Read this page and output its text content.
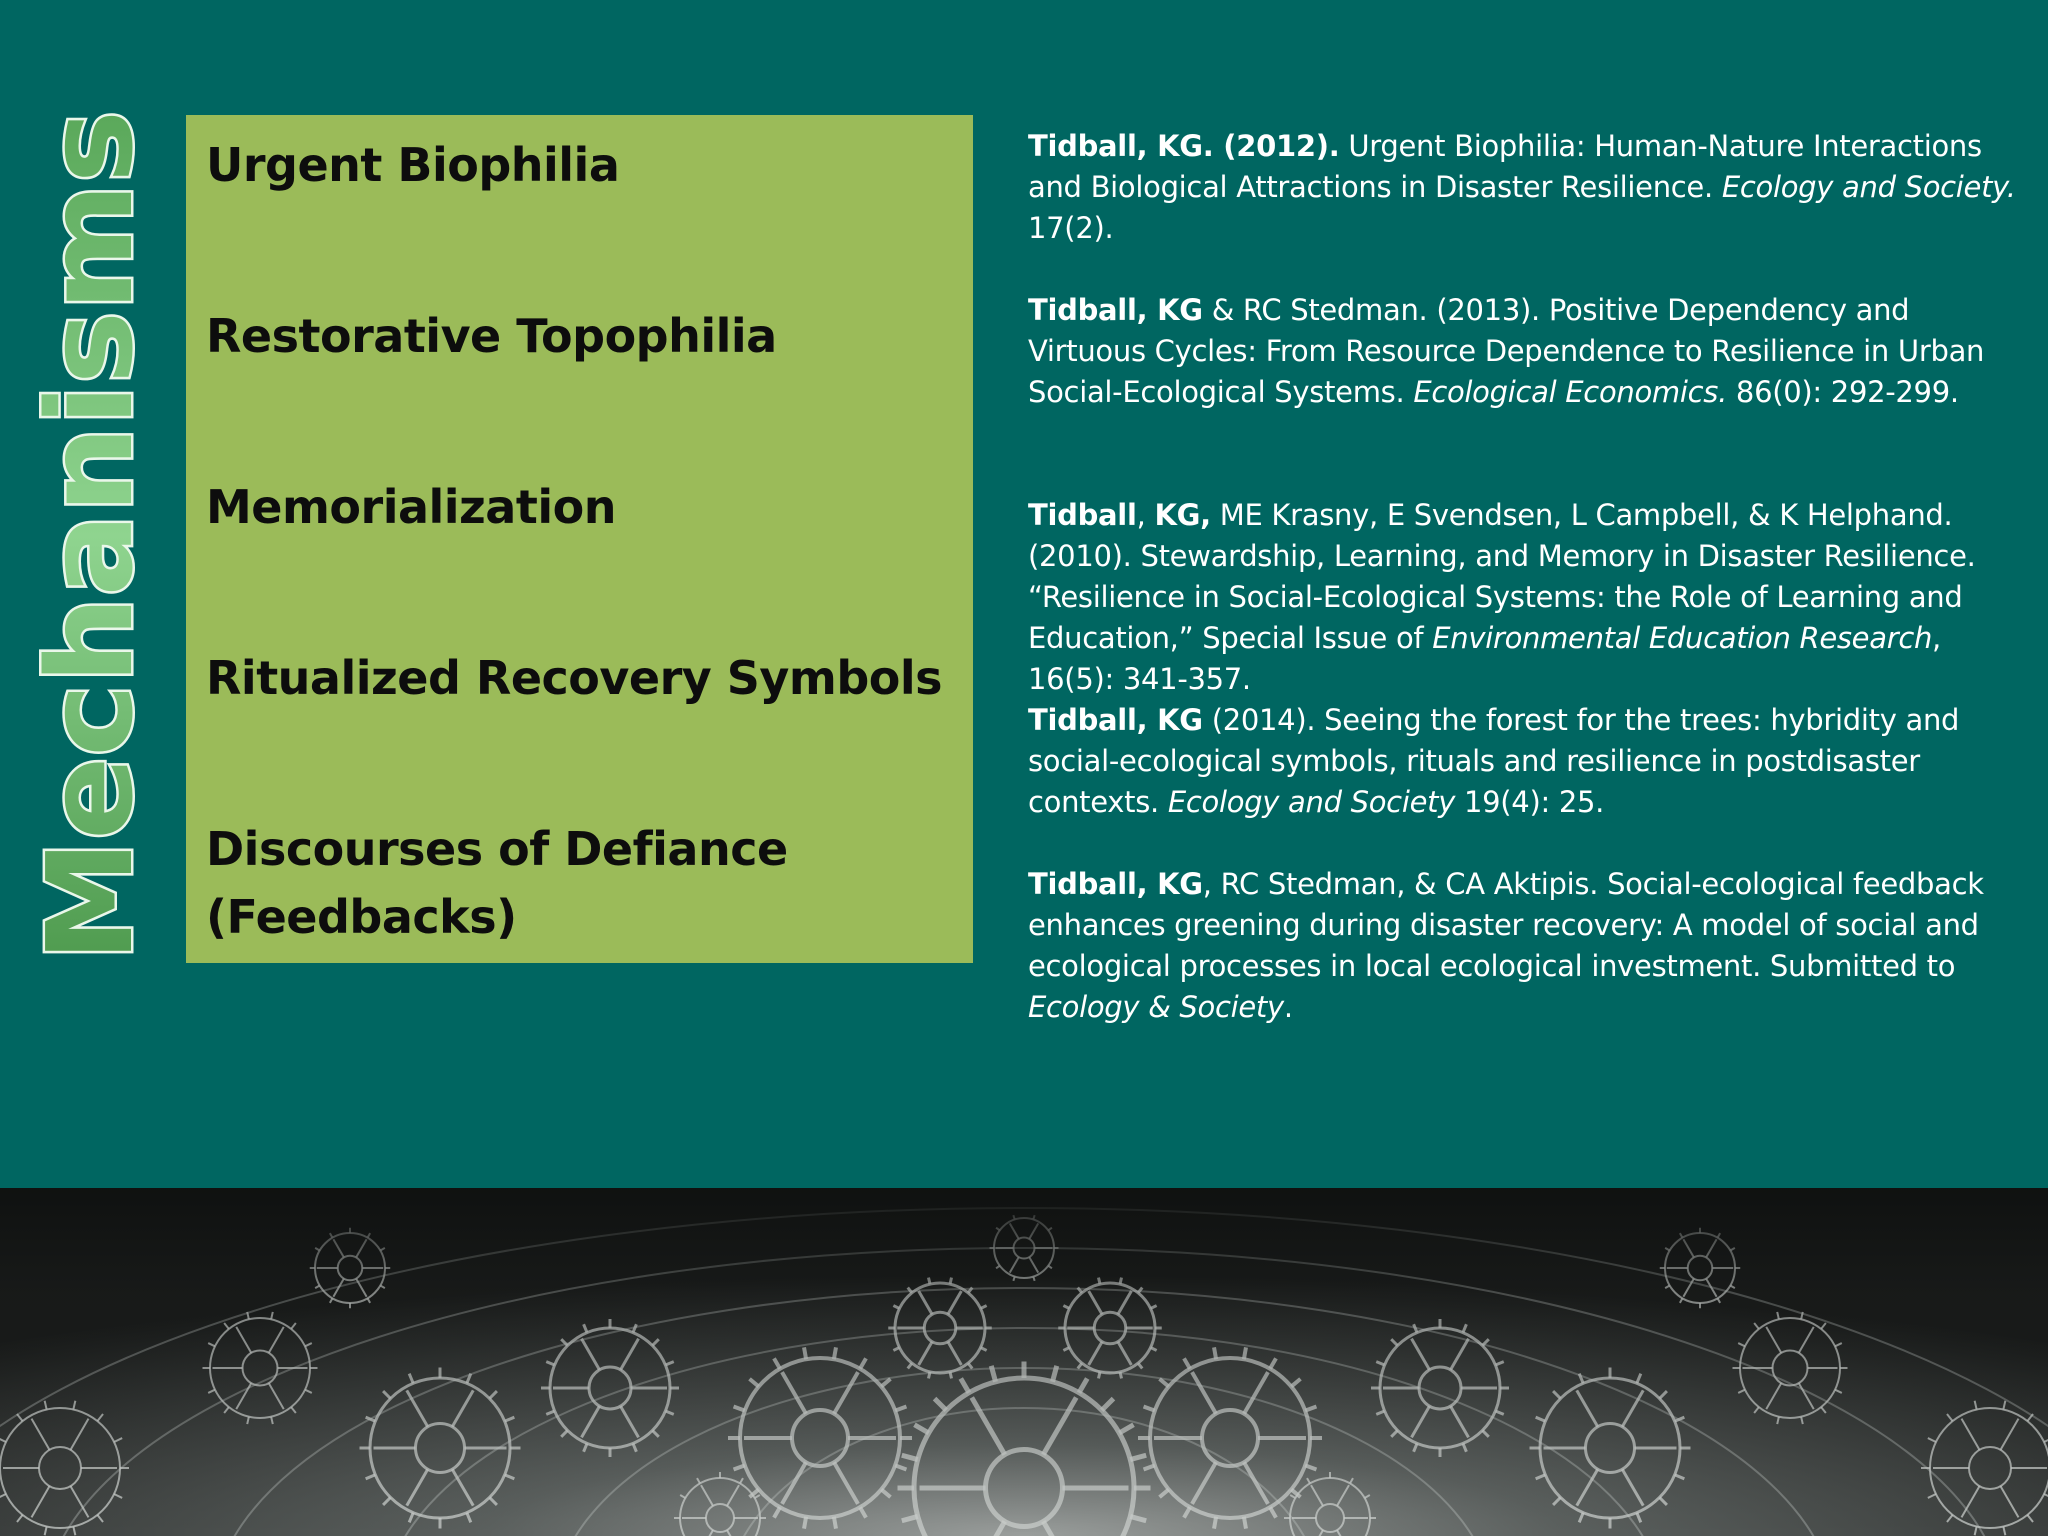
Mechanisms Urgent Biophilia
Restorative Topophilia
Memorialization
Ritualized Recovery Symbols
Discourses of Defiance
(Feedbacks)
Tidball, KG. (2012). Urgent Biophilia: Human-Nature Interactions and Biological Attractions in Disaster Resilience. Ecology and Society. 17(2).
Tidball, KG & RC Stedman. (2013). Positive Dependency and Virtuous Cycles: From Resource Dependence to Resilience in Urban Social-Ecological Systems. Ecological Economics. 86(0): 292-299.
Tidball, KG, ME Krasny, E Svendsen, L Campbell, & K Helphand. (2010). Stewardship, Learning, and Memory in Disaster Resilience. “Resilience in Social-Ecological Systems: the Role of Learning and Education,” Special Issue of Environmental Education Research, 16(5): 341-357.
Tidball, KG (2014). Seeing the forest for the trees: hybridity and social-ecological symbols, rituals and resilience in postdisaster contexts. Ecology and Society 19(4): 25.
Tidball, KG, RC Stedman, & CA Aktipis. Social-ecological feedback enhances greening during disaster recovery: A model of social and ecological processes in local ecological investment. Submitted to Ecology & Society.
